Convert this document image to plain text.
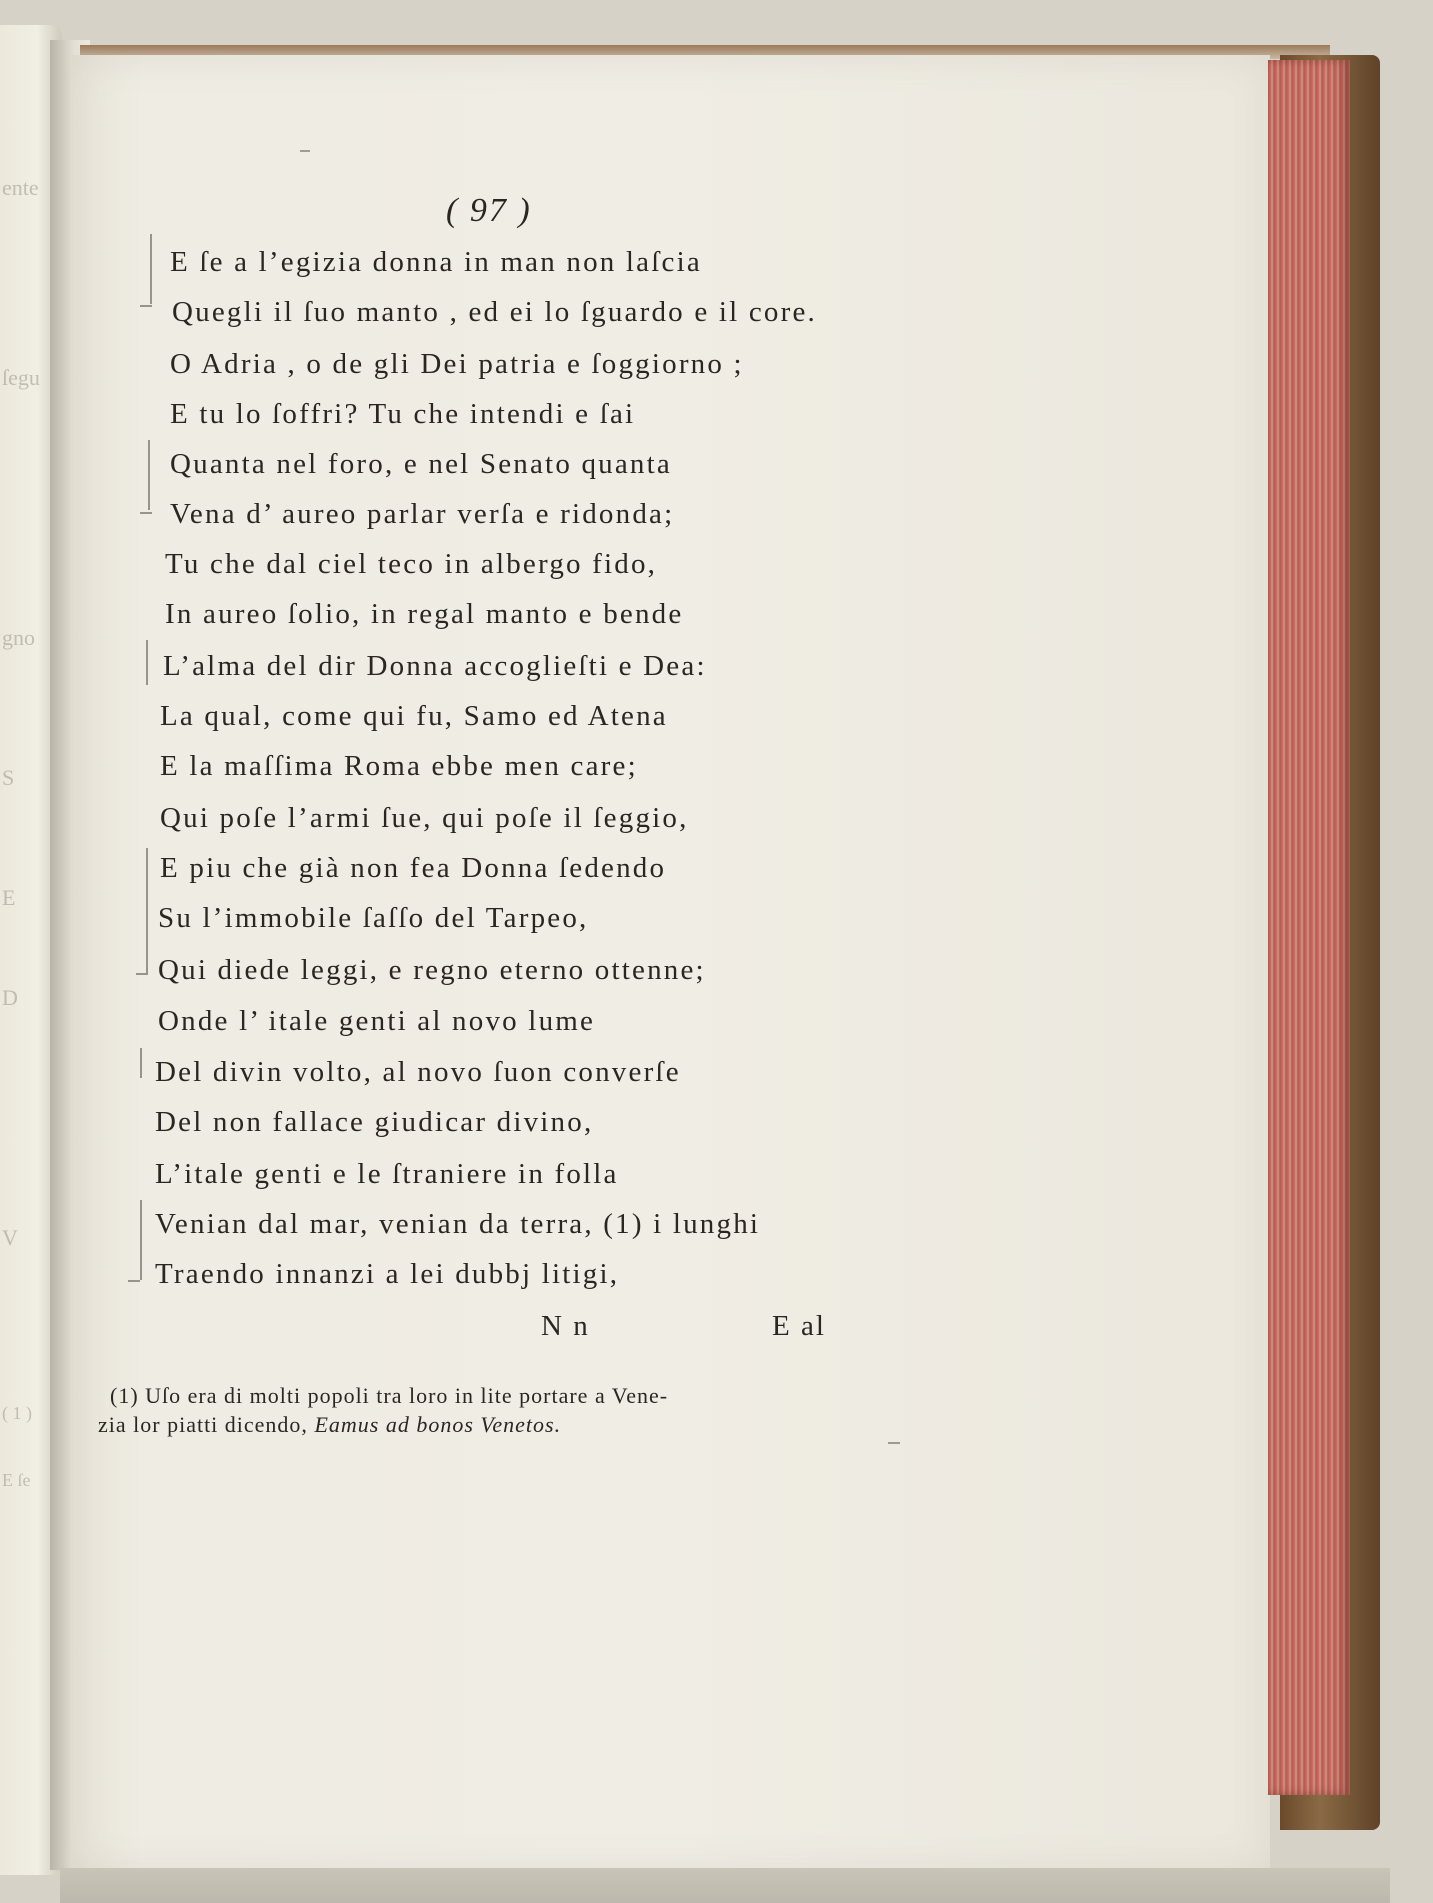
ente
ſegu
gno
S
D
E
V
( 1 )
E ſe
( 97 )
E ſe a l’egizia donna in man non laſcia
Quegli il ſuo manto , ed ei lo ſguardo e il core.
O Adria , o de gli Dei patria e ſoggiorno ;
E tu lo ſoffri? Tu che intendi e ſai
Quanta nel foro, e nel Senato quanta
Vena d’ aureo parlar verſa e ridonda;
Tu che dal ciel teco in albergo fido,
In aureo ſolio, in regal manto e bende
L’alma del dir Donna accoglieſti e Dea:
La qual, come qui fu, Samo ed Atena
E la maſſima Roma ebbe men care;
Qui poſe l’armi ſue, qui poſe il ſeggio,
E piu che già non fea Donna ſedendo
Su l’immobile ſaſſo del Tarpeo,
Qui diede leggi, e regno eterno ottenne;
Onde l’ itale genti al novo lume
Del divin volto, al novo ſuon converſe
Del non fallace giudicar divino,
L’itale genti e le ſtraniere in folla
Venian dal mar, venian da terra, (1) i lunghi
Traendo innanzi a lei dubbj litigi,
N n	E al
(1) Uſo era di molti popoli tra loro in lite portare a Vene-
zia lor piatti dicendo, Eamus ad bonos Venetos.
